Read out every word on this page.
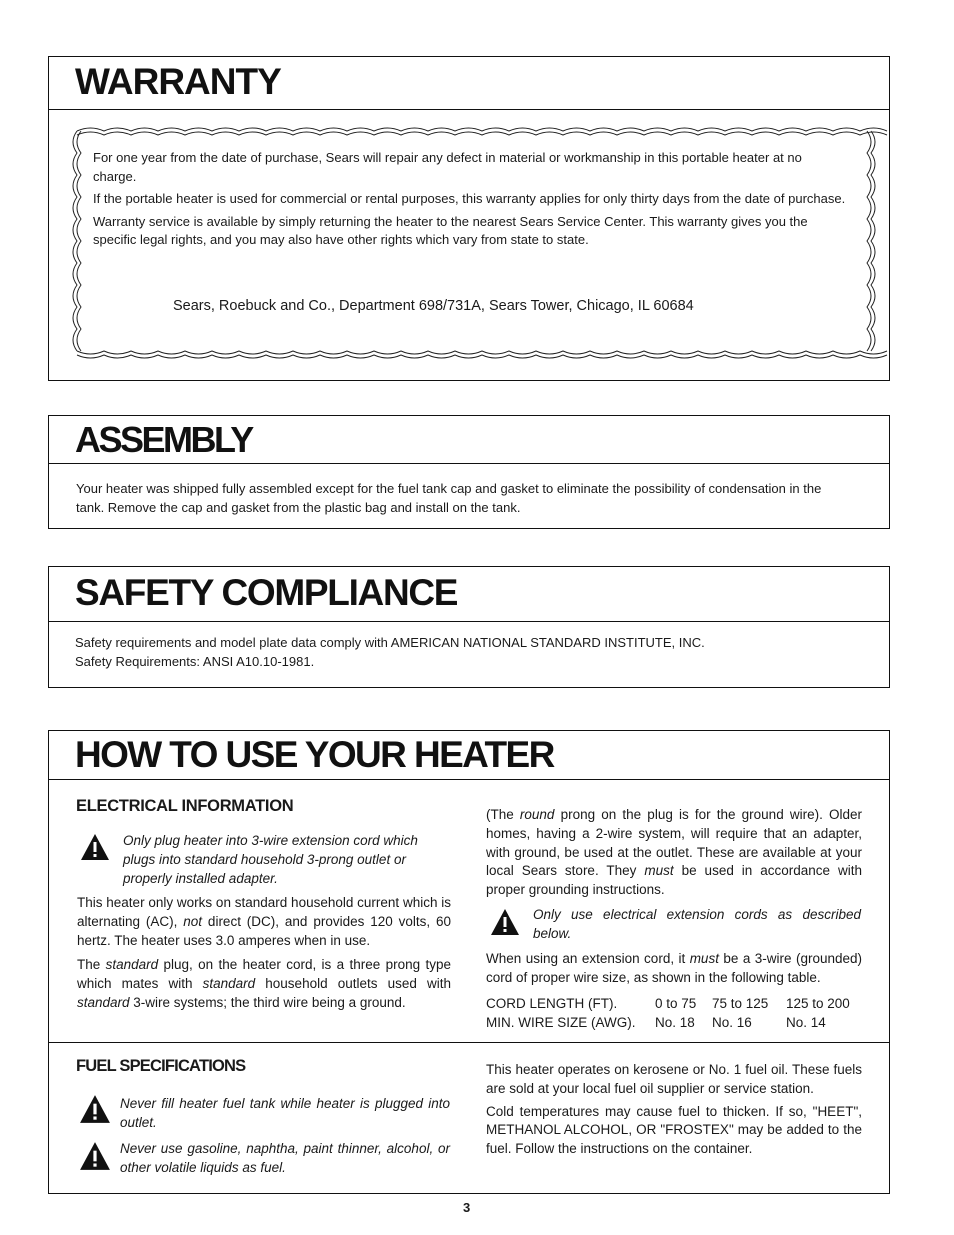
WARRANTY

For one year from the date of purchase, Sears will repair any defect in material or workmanship in this portable heater at no charge.

If the portable heater is used for commercial or rental purposes, this warranty applies for only thirty days from the date of purchase.

Warranty service is available by simply returning the heater to the nearest Sears Service Center. This warranty gives you the specific legal rights, and you may also have other rights which vary from state to state.

Sears, Roebuck and Co., Department 698/731A, Sears Tower, Chicago, IL 60684
ASSEMBLY

Your heater was shipped fully assembled except for the fuel tank cap and gasket to eliminate the possibility of condensation in the tank. Remove the cap and gasket from the plastic bag and install on the tank.

SAFETY COMPLIANCE

Safety requirements and model plate data comply with AMERICAN NATIONAL STANDARD INSTITUTE, INC.

Safety Requirements: ANSI A10.10-1981.

HOW TO USE YOUR HEATER
ELECTRICAL INFORMATION
Only plug heater into 3-wire extension cord which plugs into standard household 3-prong outlet or properly installed adapter.

This heater only works on standard household current which is alternating (AC), not direct (DC), and provides 120 volts, 60 hertz. The heater uses 3.0 amperes when in use.

The standard plug, on the heater cord, is a three prong type which mates with standard household outlets used with standard 3-wire systems; the third wire being a ground.

(The round prong on the plug is for the ground wire). Older homes, having a 2-wire system, will require that an adapter, with ground, be used at the outlet. These are available at your local Sears store. They must be used in accordance with proper grounding instructions.

Only use electrical extension cords as described below.

When using an extension cord, it must be a 3-wire (grounded) cord of proper wire size, as shown in the following table.

CORD LENGTH (FT).	0 to 75 75 to 125 125 to 200
MIN. WIRE SIZE (AWG). No. 18 No. 16	No. 14
FUEL SPECIFICATIONS
Never fill heater fuel tank while heater is plugged into outlet.
Never use gasoline, naphtha, paint thinner, alcohol, or other volatile liquids as fuel.

This heater operates on kerosene or No. 1 fuel oil. These fuels are sold at your local fuel oil supplier or service station.

Cold temperatures may cause fuel to thicken. If so, "HEET", METHANOL ALCOHOL, OR "FROSTEX" may be added to the fuel. Follow the instructions on the container.

3
